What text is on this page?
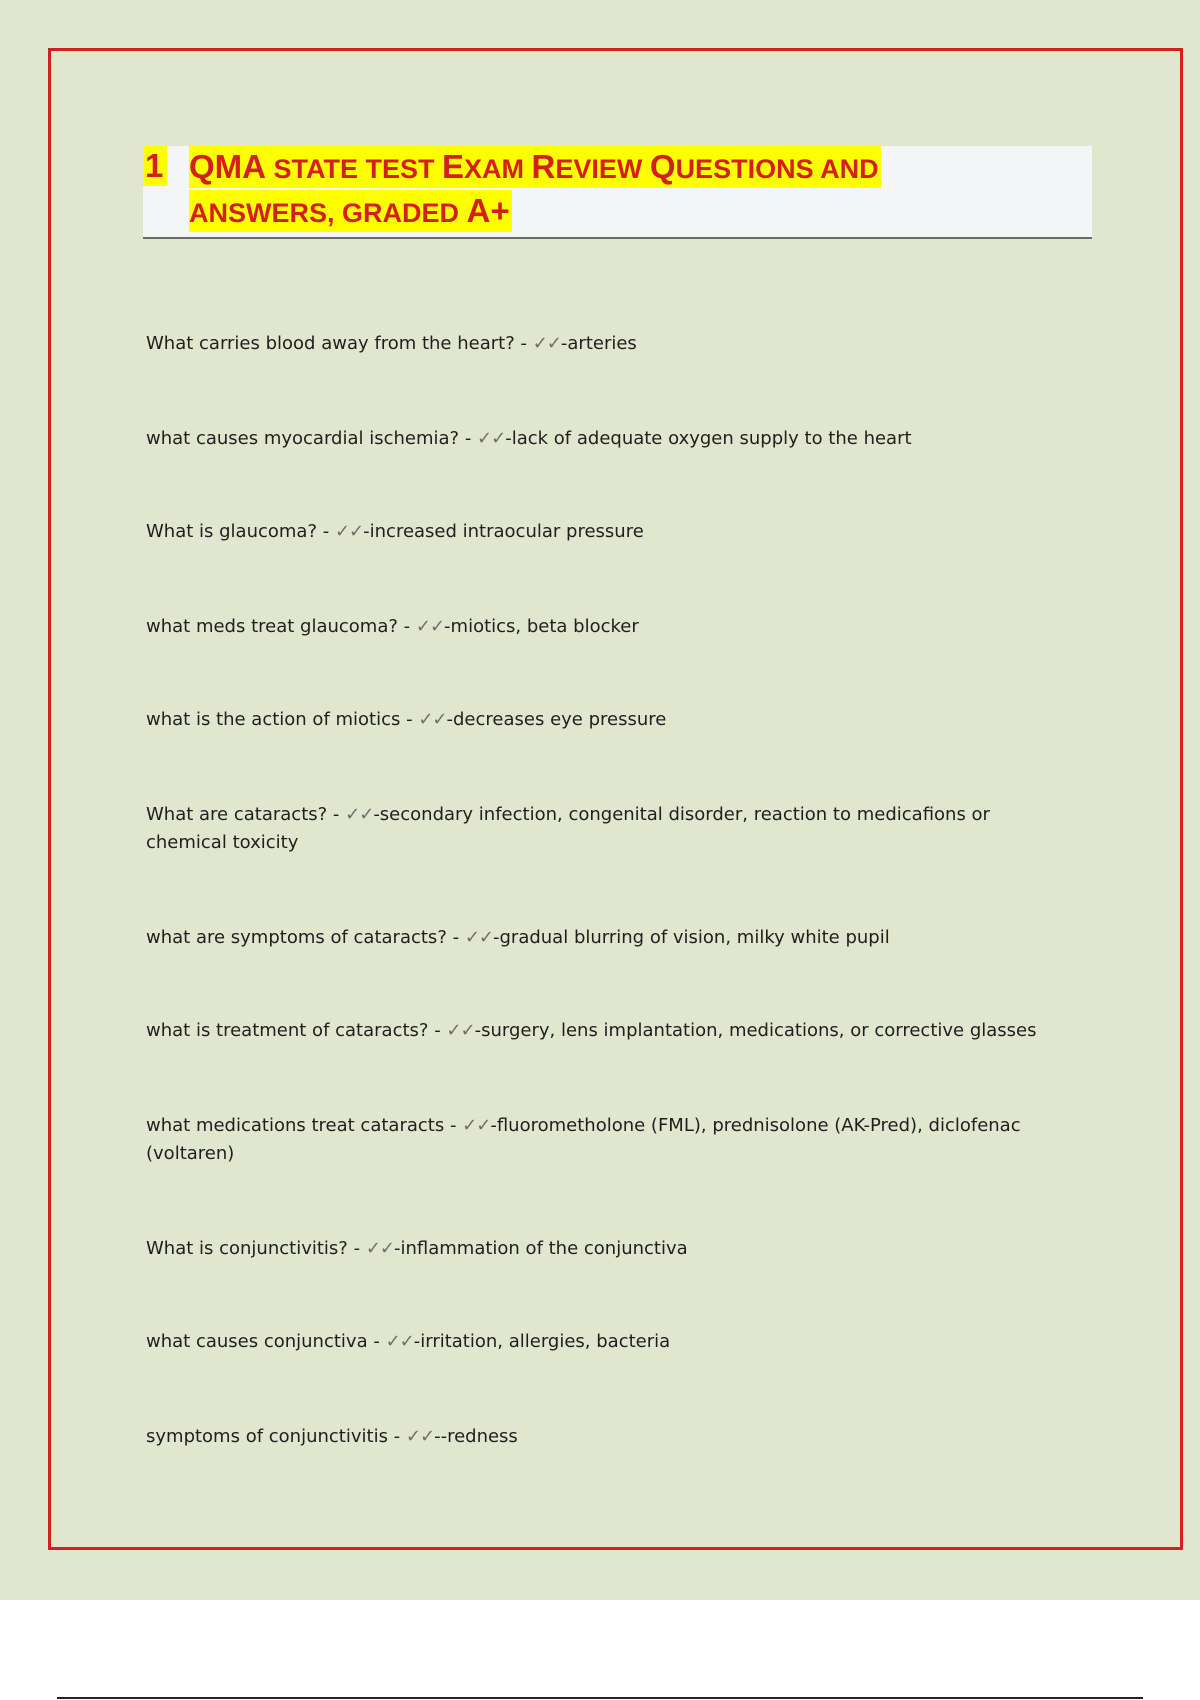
1 QMA STATE TEST EXAM REVIEW QUESTIONS AND
ANSWERS, GRADED A+
What carries blood away from the heart? - ✓✓-arteries
what causes myocardial ischemia? - ✓✓-lack of adequate oxygen supply to the heart
What is glaucoma? - ✓✓-increased intraocular pressure
what meds treat glaucoma? - ✓✓-miotics, beta blocker
what is the action of miotics - ✓✓-decreases eye pressure
What are cataracts? - ✓✓-secondary infection, congenital disorder, reaction to medicafions or chemical toxicity
what are symptoms of cataracts? - ✓✓-gradual blurring of vision, milky white pupil
what is treatment of cataracts? - ✓✓-surgery, lens implantation, medications, or corrective glasses
what medications treat cataracts - ✓✓-fluorometholone (FML), prednisolone (AK-Pred), diclofenac (voltaren)
What is conjunctivitis? - ✓✓-inflammation of the conjunctiva
what causes conjunctiva - ✓✓-irritation, allergies, bacteria
symptoms of conjunctivitis - ✓✓--redness
